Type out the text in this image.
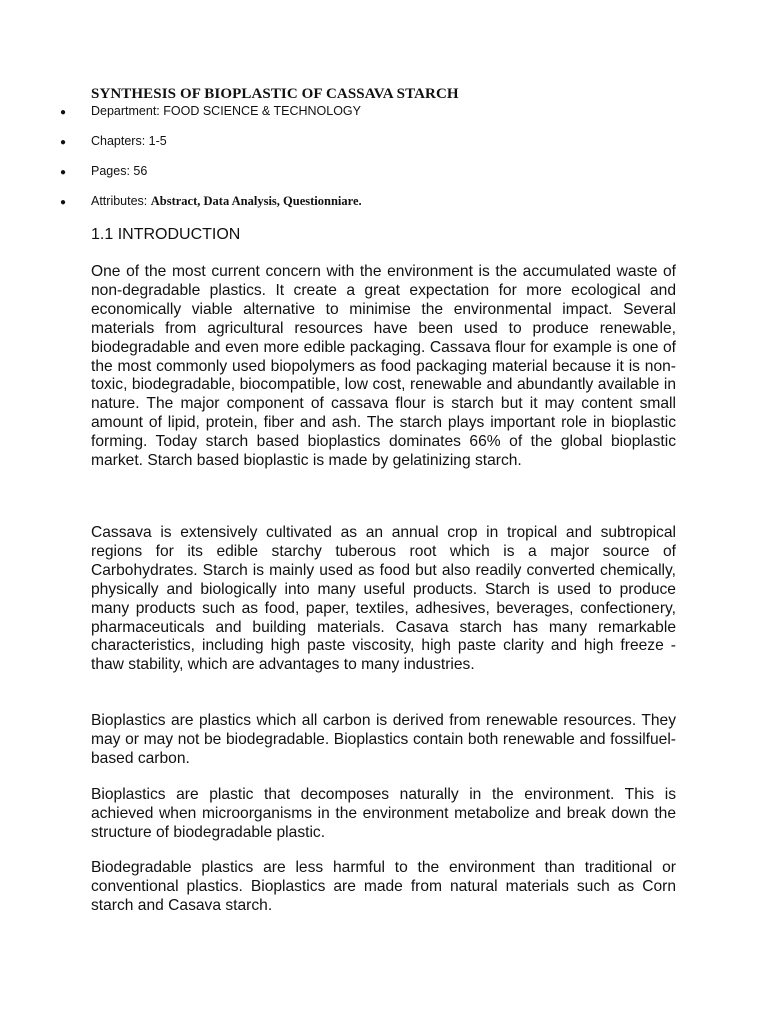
SYNTHESIS OF BIOPLASTIC OF CASSAVA STARCH
● Department: FOOD SCIENCE & TECHNOLOGY
● Chapters: 1-5
● Pages: 56
● Attributes: Abstract, Data Analysis, Questionniare.
1.1 INTRODUCTION

One of the most current concern with the environment is the accumulated waste of non-degradable plastics. It create a great expectation for more ecological and economically viable alternative to minimise the environmental impact. Several materials from agricultural resources have been used to produce renewable, biodegradable and even more edible packaging. Cassava flour for example is one of the most commonly used biopolymers as food packaging material because it is non-toxic, biodegradable, biocompatible, low cost, renewable and abundantly available in nature. The major component of cassava flour is starch but it may content small amount of lipid, protein, fiber and ash. The starch plays important role in bioplastic forming. Today starch based bioplastics dominates 66% of the global bioplastic market. Starch based bioplastic is made by gelatinizing starch.

Cassava is extensively cultivated as an annual crop in tropical and subtropical regions for its edible starchy tuberous root which is a major source of Carbohydrates. Starch is mainly used as food but also readily converted chemically, physically and biologically into many useful products. Starch is used to produce many products such as food, paper, textiles, adhesives, beverages, confectionery, pharmaceuticals and building materials. Casava starch has many remarkable characteristics, including high paste viscosity, high paste clarity and high freeze - thaw stability, which are advantages to many industries.

Bioplastics are plastics which all carbon is derived from renewable resources. They may or may not be biodegradable. Bioplastics contain both renewable and fossilfuel- based carbon.

Bioplastics are plastic that decomposes naturally in the environment. This is achieved when microorganisms in the environment metabolize and break down the structure of biodegradable plastic.

Biodegradable plastics are less harmful to the environment than traditional or conventional plastics. Bioplastics are made from natural materials such as Corn starch and Casava starch.
